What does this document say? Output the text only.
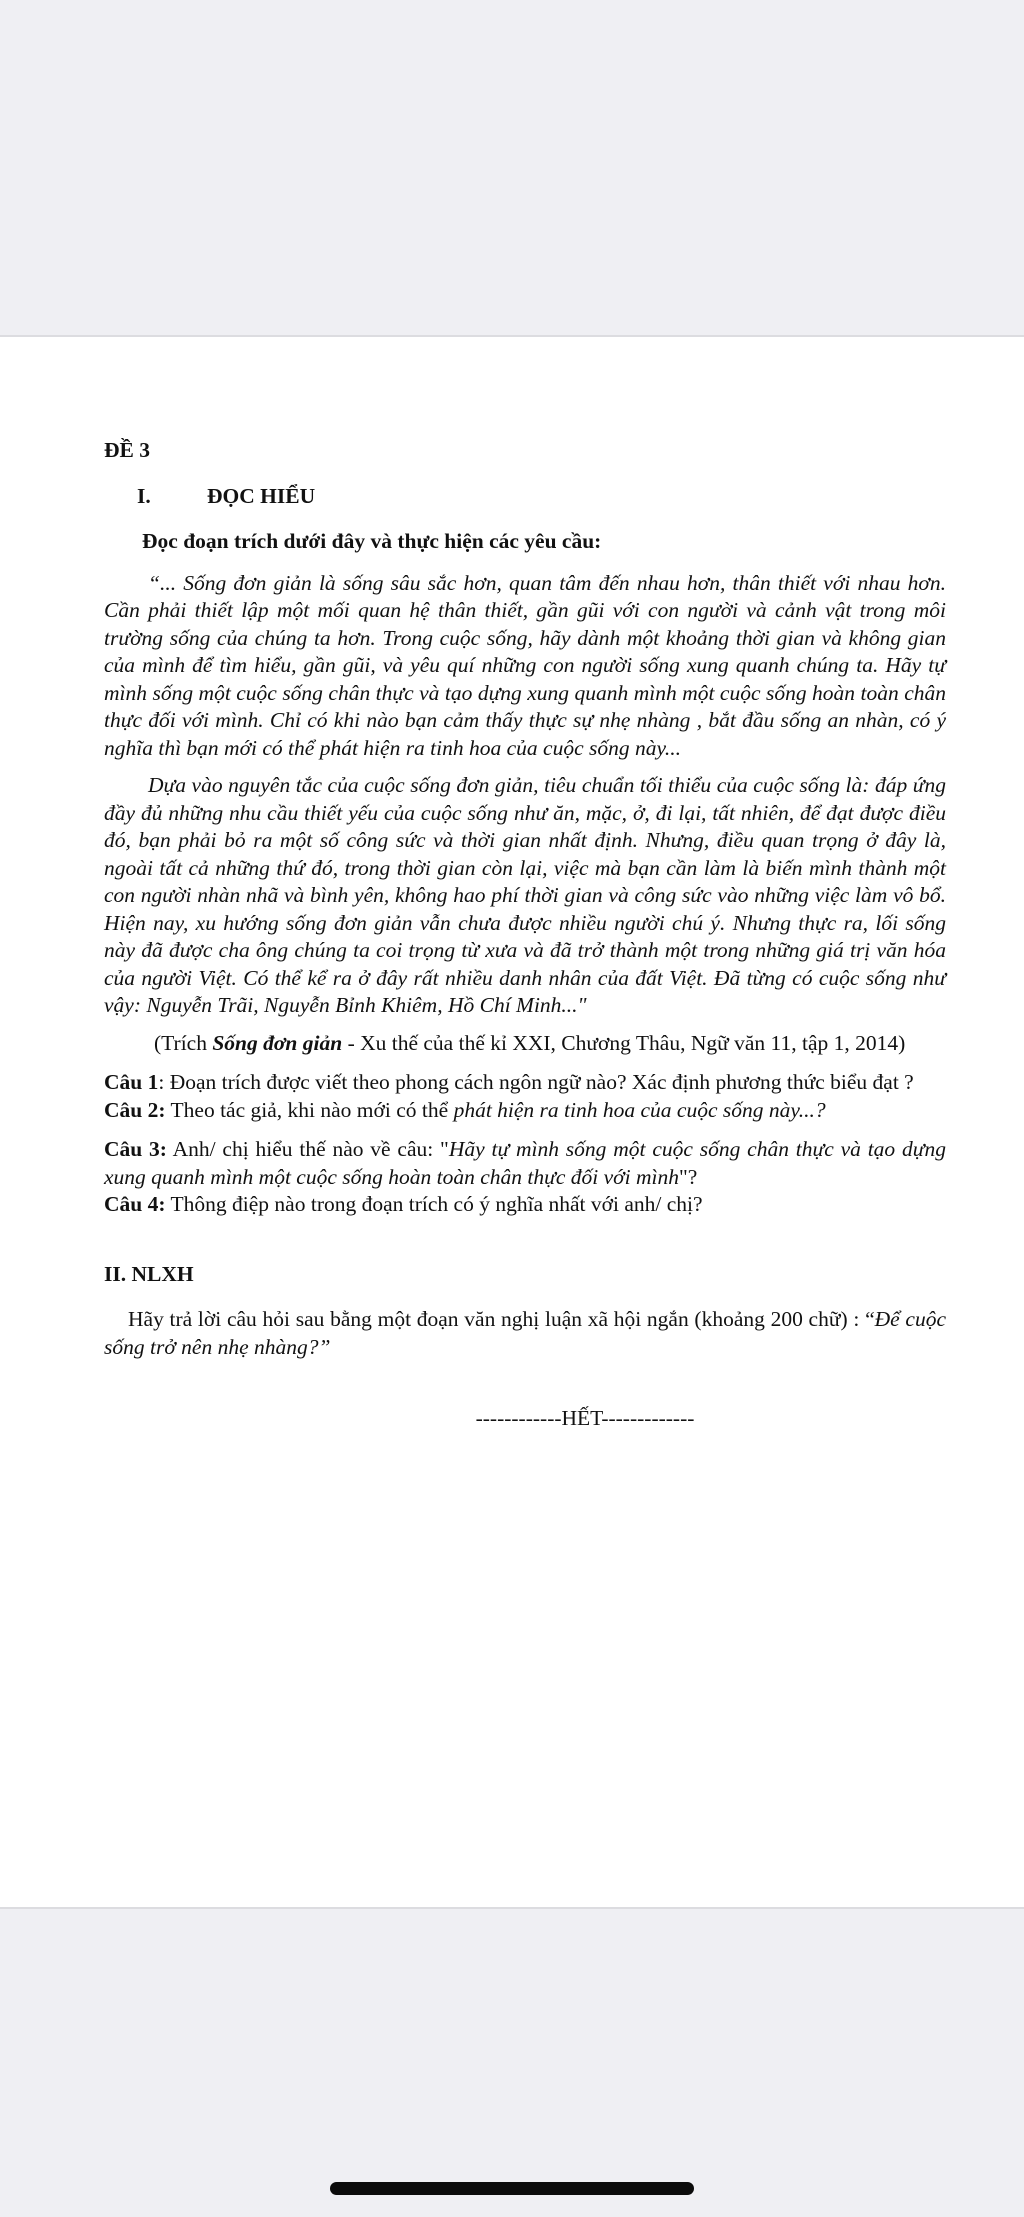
ĐỀ 3
I.	ĐỌC HIỂU
Đọc đoạn trích dưới đây và thực hiện các yêu cầu:

“... Sống đơn giản là sống sâu sắc hơn, quan tâm đến nhau hơn, thân thiết với nhau hơn. Cần phải thiết lập một mối quan hệ thân thiết, gần gũi với con người và cảnh vật trong môi trường sống của chúng ta hơn. Trong cuộc sống, hãy dành một khoảng thời gian và không gian của mình để tìm hiểu, gần gũi, và yêu quí những con người sống xung quanh chúng ta. Hãy tự mình sống một cuộc sống chân thực và tạo dựng xung quanh mình một cuộc sống hoàn toàn chân thực đối với mình. Chỉ có khi nào bạn cảm thấy thực sự nhẹ nhàng , bắt đầu sống an nhàn, có ý nghĩa thì bạn mới có thể phát hiện ra tinh hoa của cuộc sống này...

Dựa vào nguyên tắc của cuộc sống đơn giản, tiêu chuẩn tối thiểu của cuộc sống là: đáp ứng đầy đủ những nhu cầu thiết yếu của cuộc sống như ăn, mặc, ở, đi lại, tất nhiên, để đạt được điều đó, bạn phải bỏ ra một số công sức và thời gian nhất định. Nhưng, điều quan trọng ở đây là, ngoài tất cả những thứ đó, trong thời gian còn lại, việc mà bạn cần làm là biến mình thành một con người nhàn nhã và bình yên, không hao phí thời gian và công sức vào những việc làm vô bổ. Hiện nay, xu hướng sống đơn giản vẫn chưa được nhiều người chú ý. Nhưng thực ra, lối sống này đã được cha ông chúng ta coi trọng từ xưa và đã trở thành một trong những giá trị văn hóa của người Việt. Có thể kể ra ở đây rất nhiều danh nhân của đất Việt. Đã từng có cuộc sống như vậy: Nguyễn Trãi, Nguyễn Bỉnh Khiêm, Hồ Chí Minh..."

(Trích Sống đơn giản - Xu thế của thế kỉ XXI, Chương Thâu, Ngữ văn 11, tập 1, 2014)

Câu 1: Đoạn trích được viết theo phong cách ngôn ngữ nào? Xác định phương thức biểu đạt ?

Câu 2: Theo tác giả, khi nào mới có thể phát hiện ra tinh hoa của cuộc sống này...?

Câu 3: Anh/ chị hiểu thế nào về câu: "Hãy tự mình sống một cuộc sống chân thực và tạo dựng xung quanh mình một cuộc sống hoàn toàn chân thực đối với mình"?

Câu 4: Thông điệp nào trong đoạn trích có ý nghĩa nhất với anh/ chị?

II. NLXH

Hãy trả lời câu hỏi sau bằng một đoạn văn nghị luận xã hội ngắn (khoảng 200 chữ) : “Để cuộc sống trở nên nhẹ nhàng?”

------------HẾT-------------
